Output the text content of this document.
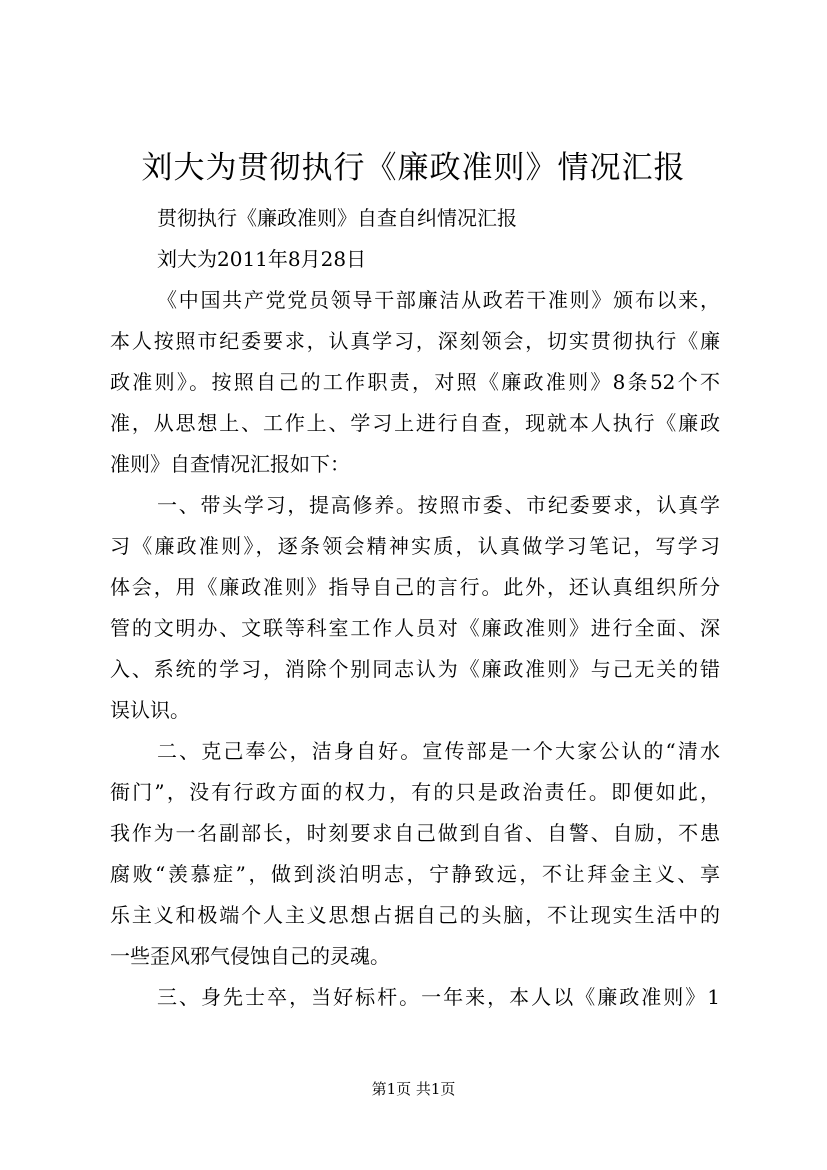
刘大为贯彻执行《廉政准则》情况汇报
贯彻执行《廉政准则》自查自纠情况汇报
刘大为2011年8月28日
《中国共产党党员领导干部廉洁从政若干准则》颁布以来，
本人按照市纪委要求，认真学习，深刻领会，切实贯彻执行《廉
政准则》。按照自己的工作职责，对照《廉政准则》8条52个不
准，从思想上、工作上、学习上进行自查，现就本人执行《廉政
准则》自查情况汇报如下：
一、带头学习，提高修养。按照市委、市纪委要求，认真学
习《廉政准则》，逐条领会精神实质，认真做学习笔记，写学习
体会，用《廉政准则》指导自己的言行。此外，还认真组织所分
管的文明办、文联等科室工作人员对《廉政准则》进行全面、深
入、系统的学习，消除个别同志认为《廉政准则》与己无关的错
误认识。
二、克己奉公，洁身自好。宣传部是一个大家公认的“清水
衙门”，没有行政方面的权力，有的只是政治责任。即便如此，
我作为一名副部长，时刻要求自己做到自省、自警、自励，不患
腐败“羡慕症”，做到淡泊明志，宁静致远，不让拜金主义、享
乐主义和极端个人主义思想占据自己的头脑，不让现实生活中的
一些歪风邪气侵蚀自己的灵魂。
三、身先士卒，当好标杆。一年来，本人以《廉政准则》1
第1页 共1页
